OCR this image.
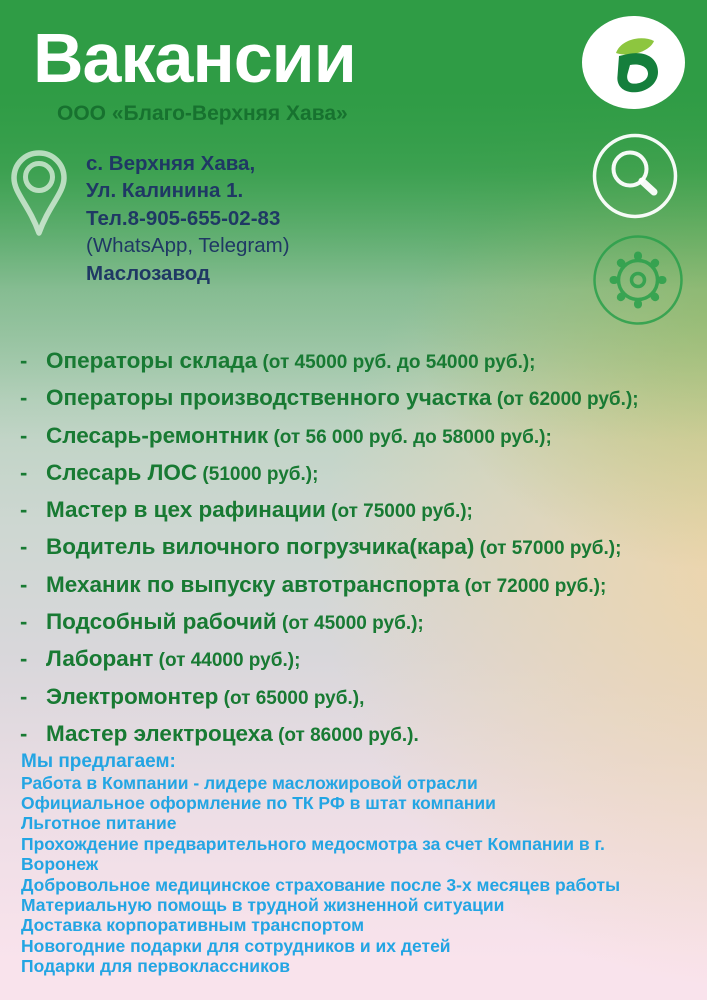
Вакансии
ООО «Благо-Верхняя Хава»
с. Верхняя Хава,
Ул. Калинина 1.
Тел.8-905-655-02-83
(WhatsApp, Telegram)
Маслозавод
- Операторы склада (от 45000 руб. до 54000 руб.);
- Операторы производственного участка (от 62000 руб.);
- Слесарь-ремонтник (от 56 000 руб. до 58000 руб.);
- Слесарь ЛОС (51000 руб.);
- Мастер в цех рафинации (от 75000 руб.);
- Водитель вилочного погрузчика(кара) (от 57000 руб.);
- Механик по выпуску автотранспорта (от 72000 руб.);
- Подсобный рабочий (от 45000 руб.);
- Лаборант (от 44000 руб.);
- Электромонтер (от 65000 руб.),
- Мастер электроцеха (от 86000 руб.).
Мы предлагаем:
Работа в Компании - лидере масложировой отрасли
Официальное оформление по ТК РФ в штат компании
Льготное питание
Прохождение предварительного медосмотра за счет Компании в г. Воронеж
Добровольное медицинское страхование после 3-х месяцев работы
Материальную помощь в трудной жизненной ситуации
Доставка корпоративным транспортом
Новогодние подарки для сотрудников и их детей
Подарки для первоклассников
